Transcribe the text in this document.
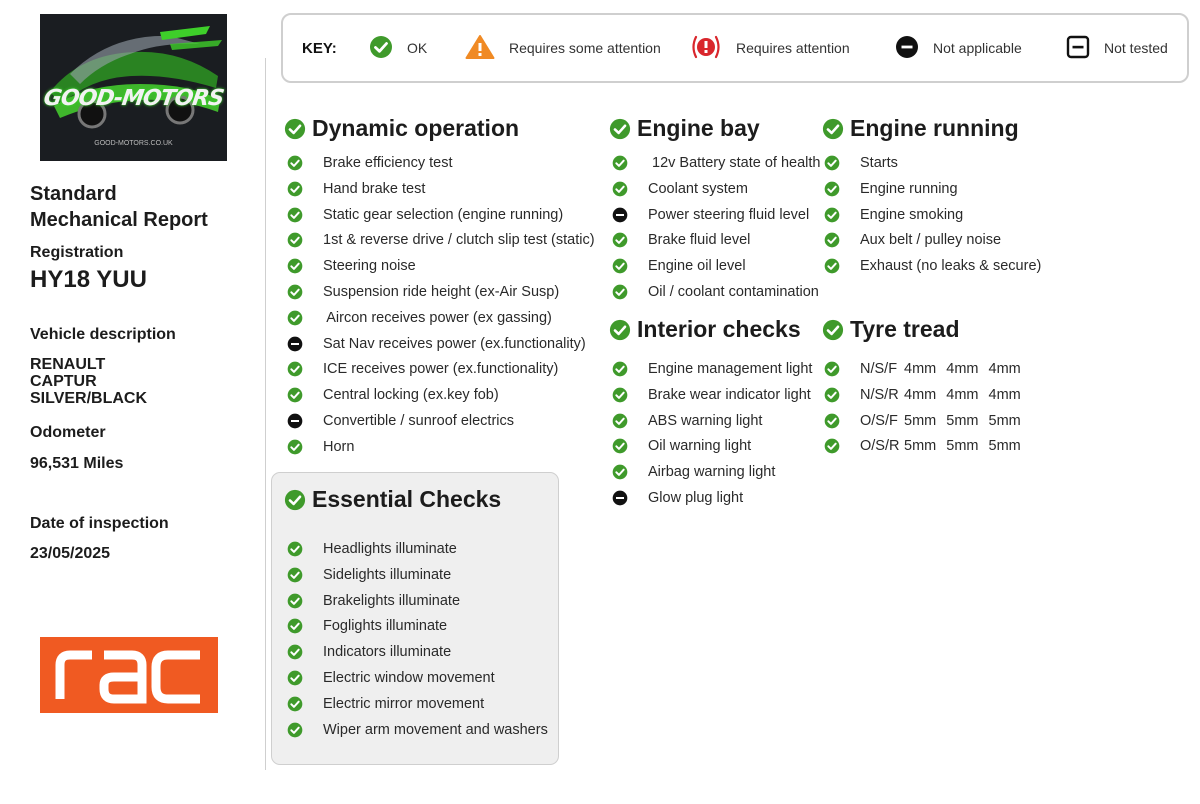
GOOD-MOTORS
GOOD-MOTORS.CO.UK
Standard
Mechanical Report
Registration
HY18 YUU
Vehicle description
RENAULT
CAPTUR
SILVER/BLACK
Odometer
96,531 Miles
Date of inspection
23/05/2025
KEY:	OK	Requires some attention	Requires attention	Not applicable	Not tested
Dynamic operation	Engine bay	Engine running
Interior checks Tyre tread
Essential Checks
Brake efficiency test
Hand brake test
Static gear selection (engine running)
1st & reverse drive / clutch slip test (static)
Steering noise
Suspension ride height (ex-Air Susp)
Aircon receives power (ex gassing)
Sat Nav receives power (ex.functionality)
ICE receives power (ex.functionality)
Central locking (ex.key fob)
Convertible / sunroof electrics
Horn
Headlights illuminate
Sidelights illuminate
Brakelights illuminate
Foglights illuminate
Indicators illuminate
Electric window movement
Electric mirror movement
Wiper arm movement and washers
12v Battery state of health
Coolant system
Power steering fluid level
Brake fluid level
Engine oil level
Oil / coolant contamination
Engine management light
Brake wear indicator light
ABS warning light
Oil warning light
Airbag warning light
Glow plug light
Starts
Engine running
Engine smoking
Aux belt / pulley noise
Exhaust (no leaks & secure)
N/S/F 4mm 4mm 4mm
N/S/R 4mm 4mm 4mm
O/S/F 5mm 5mm 5mm
O/S/R 5mm 5mm 5mm
